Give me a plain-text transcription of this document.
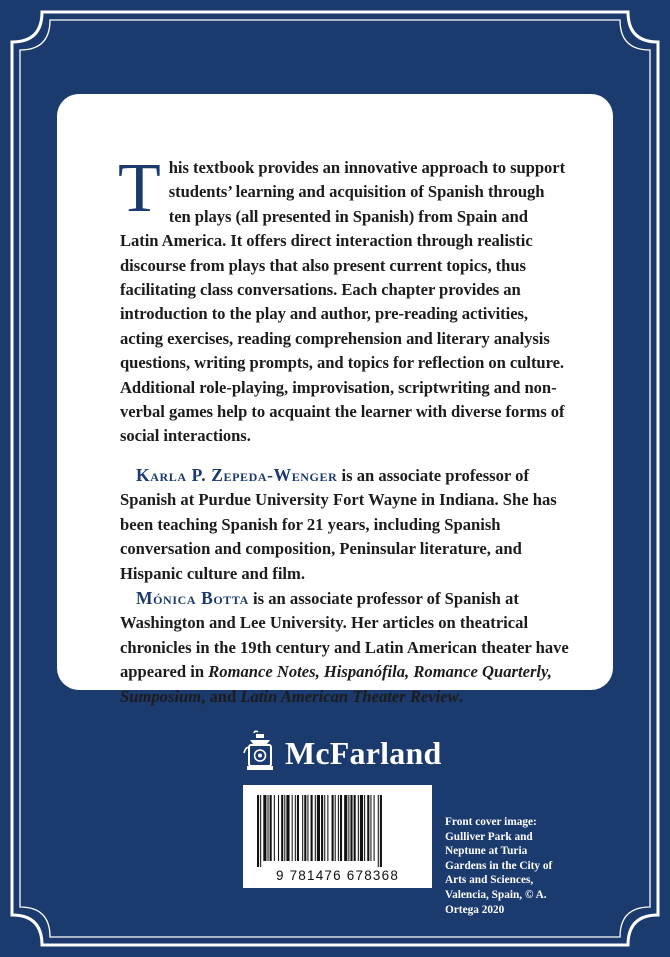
This textbook provides an innovative approach to support students’ learning and acquisition of Spanish through ten plays (all presented in Spanish) from Spain and Latin America. It offers direct interaction through realistic discourse from plays that also present current topics, thus facilitating class conversations. Each chapter provides an introduction to the play and author, pre-reading activities, acting exercises, reading comprehension and literary analysis questions, writing prompts, and topics for reflection on culture. Additional role-playing, improvisation, scriptwriting and non-verbal games help to acquaint the learner with diverse forms of social interactions.

Karla P. Zepeda-Wenger is an associate professor of Spanish at Purdue University Fort Wayne in Indiana. She has been teaching Spanish for 21 years, including Spanish conversation and composition, Peninsular literature, and Hispanic culture and film.

Mónica Botta is an associate professor of Spanish at Washington and Lee University. Her articles on theatrical chronicles in the 19th century and Latin American theater have appeared in Romance Notes, Hispanófila, Romance Quarterly, Sumposium, and Latin American Theater Review.

McFarland
9 781476 678368
Front cover image: Gulliver Park and Neptune at Turia Gardens in the City of Arts and Sciences, Valencia, Spain, © A. Ortega 2020
